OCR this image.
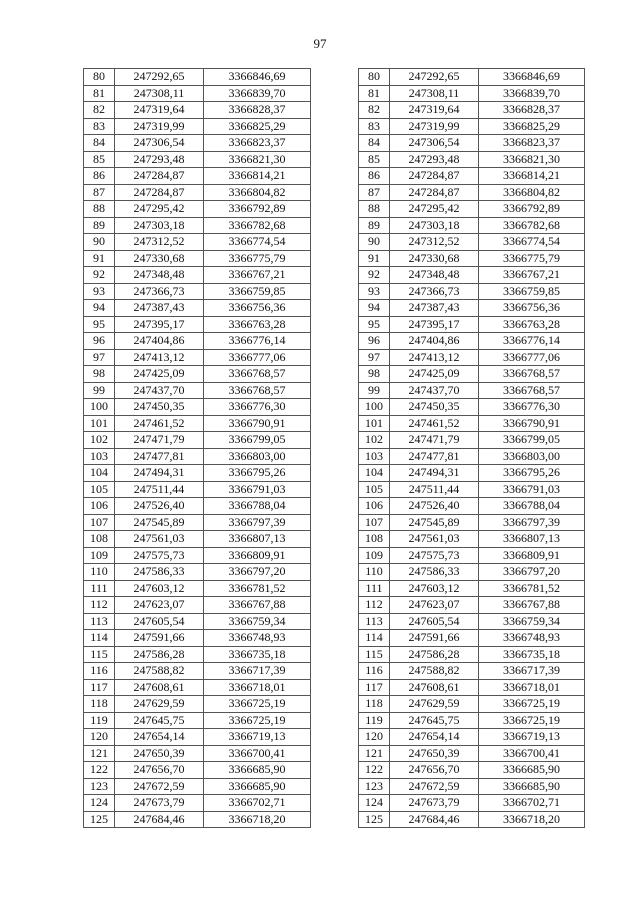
97
80	247292,65	3366846,69
81	247308,11	3366839,70
82	247319,64	3366828,37
83	247319,99	3366825,29
84	247306,54	3366823,37
85	247293,48	3366821,30
86	247284,87	3366814,21
87	247284,87	3366804,82
88	247295,42	3366792,89
89	247303,18	3366782,68
90	247312,52	3366774,54
91	247330,68	3366775,79
92	247348,48	3366767,21
93	247366,73	3366759,85
94	247387,43	3366756,36
95	247395,17	3366763,28
96	247404,86	3366776,14
97	247413,12	3366777,06
98	247425,09	3366768,57
99	247437,70	3366768,57
100	247450,35	3366776,30
101	247461,52	3366790,91
102	247471,79	3366799,05
103	247477,81	3366803,00
104	247494,31	3366795,26
105	247511,44	3366791,03
106	247526,40	3366788,04
107	247545,89	3366797,39
108	247561,03	3366807,13
109	247575,73	3366809,91
110	247586,33	3366797,20
111	247603,12	3366781,52
112	247623,07	3366767,88
113	247605,54	3366759,34
114	247591,66	3366748,93
115	247586,28	3366735,18
116	247588,82	3366717,39
117	247608,61	3366718,01
118	247629,59	3366725,19
119	247645,75	3366725,19
120	247654,14	3366719,13
121	247650,39	3366700,41
122	247656,70	3366685,90
123	247672,59	3366685,90
124	247673,79	3366702,71
125	247684,46	3366718,20
80	247292,65	3366846,69
81	247308,11	3366839,70
82	247319,64	3366828,37
83	247319,99	3366825,29
84	247306,54	3366823,37
85	247293,48	3366821,30
86	247284,87	3366814,21
87	247284,87	3366804,82
88	247295,42	3366792,89
89	247303,18	3366782,68
90	247312,52	3366774,54
91	247330,68	3366775,79
92	247348,48	3366767,21
93	247366,73	3366759,85
94	247387,43	3366756,36
95	247395,17	3366763,28
96	247404,86	3366776,14
97	247413,12	3366777,06
98	247425,09	3366768,57
99	247437,70	3366768,57
100	247450,35	3366776,30
101	247461,52	3366790,91
102	247471,79	3366799,05
103	247477,81	3366803,00
104	247494,31	3366795,26
105	247511,44	3366791,03
106	247526,40	3366788,04
107	247545,89	3366797,39
108	247561,03	3366807,13
109	247575,73	3366809,91
110	247586,33	3366797,20
111	247603,12	3366781,52
112	247623,07	3366767,88
113	247605,54	3366759,34
114	247591,66	3366748,93
115	247586,28	3366735,18
116	247588,82	3366717,39
117	247608,61	3366718,01
118	247629,59	3366725,19
119	247645,75	3366725,19
120	247654,14	3366719,13
121	247650,39	3366700,41
122	247656,70	3366685,90
123	247672,59	3366685,90
124	247673,79	3366702,71
125	247684,46	3366718,20
